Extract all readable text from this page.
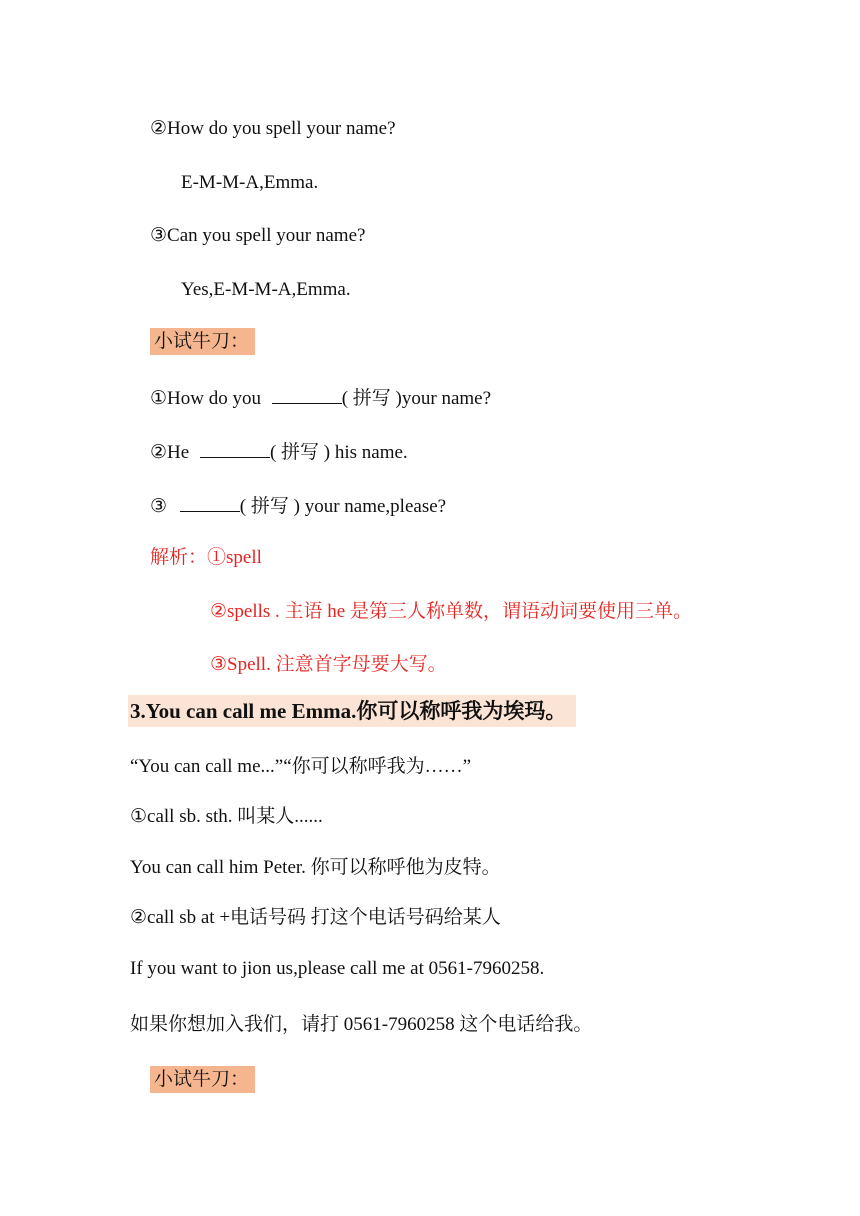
②How do you spell your name?
E-M-M-A,Emma.
③Can you spell your name?
Yes,E-M-M-A,Emma.
小试牛刀：
①How do you	( 拼写 )your name?
②He	( 拼写 ) his name.
③	( 拼写 ) your name,please?
解析：①spell
②spells . 主语 he 是第三人称单数，谓语动词要使用三单。
③Spell. 注意首字母要大写。
3.You can call me Emma.你可以称呼我为埃玛。
“You can call me...”“你可以称呼我为……”
①call sb. sth. 叫某人......
You can call him Peter. 你可以称呼他为皮特。
②call sb at +电话号码 打这个电话号码给某人
If you want to jion us,please call me at 0561-7960258.
如果你想加入我们，请打 0561-7960258 这个电话给我。
小试牛刀：
